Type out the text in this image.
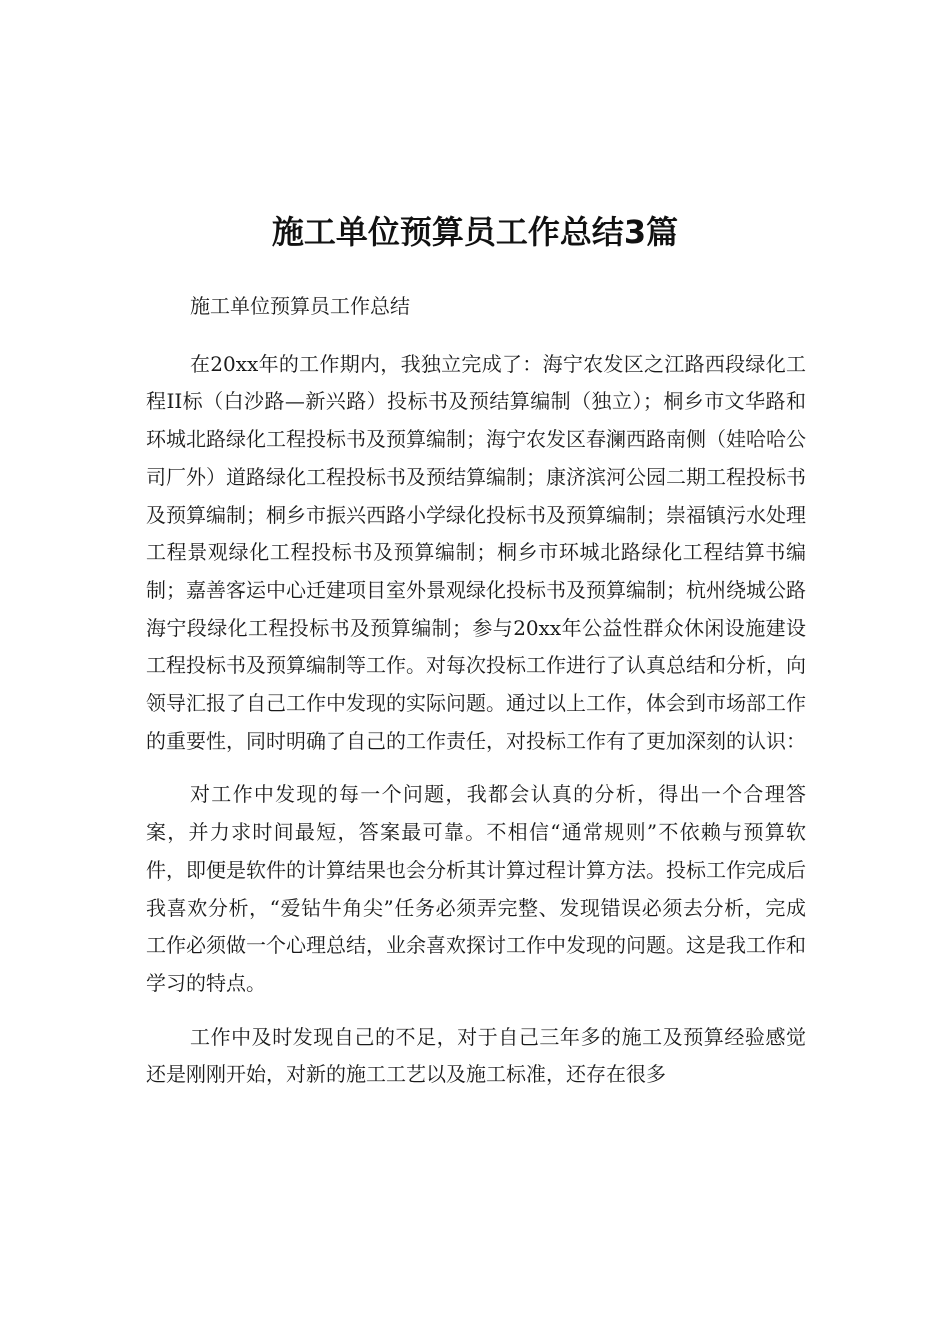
施工单位预算员工作总结3篇

施工单位预算员工作总结

在20xx年的工作期内，我独立完成了：海宁农发区之江路西段绿化工程II标（白沙路—新兴路）投标书及预结算编制（独立）；桐乡市文华路和环城北路绿化工程投标书及预算编制；海宁农发区春澜西路南侧（娃哈哈公司厂外）道路绿化工程投标书及预结算编制；康济滨河公园二期工程投标书及预算编制；桐乡市振兴西路小学绿化投标书及预算编制；崇福镇污水处理工程景观绿化工程投标书及预算编制；桐乡市环城北路绿化工程结算书编制；嘉善客运中心迁建项目室外景观绿化投标书及预算编制；杭州绕城公路海宁段绿化工程投标书及预算编制；参与20xx年公益性群众休闲设施建设工程投标书及预算编制等工作。对每次投标工作进行了认真总结和分析，向领导汇报了自己工作中发现的实际问题。通过以上工作，体会到市场部工作的重要性，同时明确了自己的工作责任，对投标工作有了更加深刻的认识：

对工作中发现的每一个问题，我都会认真的分析，得出一个合理答案，并力求时间最短，答案最可靠。不相信“通常规则”不依赖与预算软件，即便是软件的计算结果也会分析其计算过程计算方法。投标工作完成后我喜欢分析，“爱钻牛角尖”任务必须弄完整、发现错误必须去分析，完成工作必须做一个心理总结，业余喜欢探讨工作中发现的问题。这是我工作和学习的特点。

工作中及时发现自己的不足，对于自己三年多的施工及预算经验感觉还是刚刚开始，对新的施工工艺以及施工标准，还存在很多
